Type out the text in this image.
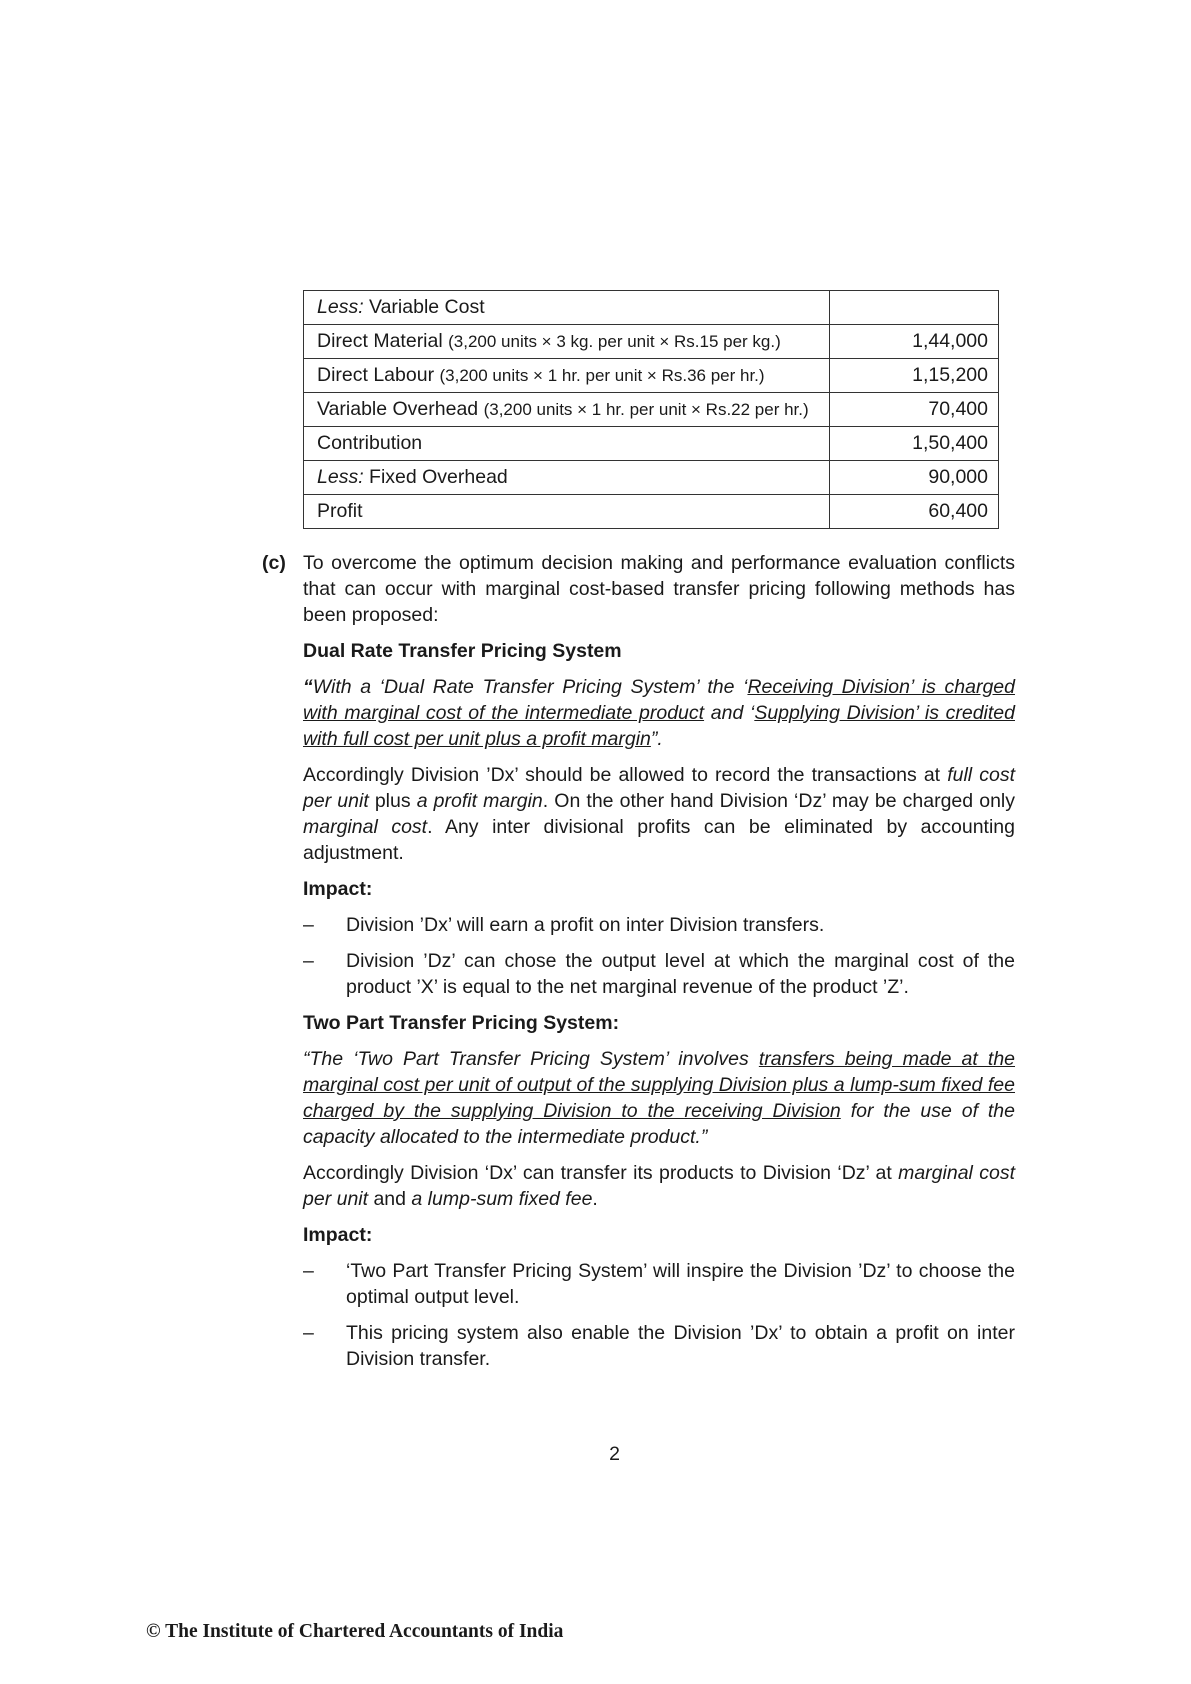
Less: Variable Cost	
Direct Material (3,200 units × 3 kg. per unit × Rs.15 per kg.)	1,44,000
Direct Labour (3,200 units × 1 hr. per unit × Rs.36 per hr.)	1,15,200
Variable Overhead (3,200 units × 1 hr. per unit × Rs.22 per hr.)	70,400
Contribution	1,50,400
Less: Fixed Overhead	90,000
Profit	60,400
(c) To overcome the optimum decision making and performance evaluation conflicts that can occur with marginal cost-based transfer pricing following methods has been proposed:

Dual Rate Transfer Pricing System

“With a ‘Dual Rate Transfer Pricing System’ the ‘Receiving Division’ is charged with marginal cost of the intermediate product and ‘Supplying Division’ is credited with full cost per unit plus a profit margin”.

Accordingly Division ’Dx’ should be allowed to record the transactions at full cost per unit plus a profit margin. On the other hand Division ‘Dz’ may be charged only marginal cost. Any inter divisional profits can be eliminated by accounting adjustment.

Impact:

– Division ’Dx’ will earn a profit on inter Division transfers.

– Division ’Dz’ can chose the output level at which the marginal cost of the product ’X’ is equal to the net marginal revenue of the product ’Z’.

Two Part Transfer Pricing System:

“The ‘Two Part Transfer Pricing System’ involves transfers being made at the marginal cost per unit of output of the supplying Division plus a lump-sum fixed fee charged by the supplying Division to the receiving Division for the use of the capacity allocated to the intermediate product.”

Accordingly Division ‘Dx’ can transfer its products to Division ‘Dz’ at marginal cost per unit and a lump-sum fixed fee.

Impact:

– ‘Two Part Transfer Pricing System’ will inspire the Division ’Dz’ to choose the optimal output level.

– This pricing system also enable the Division ’Dx’ to obtain a profit on inter Division transfer.

2
© The Institute of Chartered Accountants of India
